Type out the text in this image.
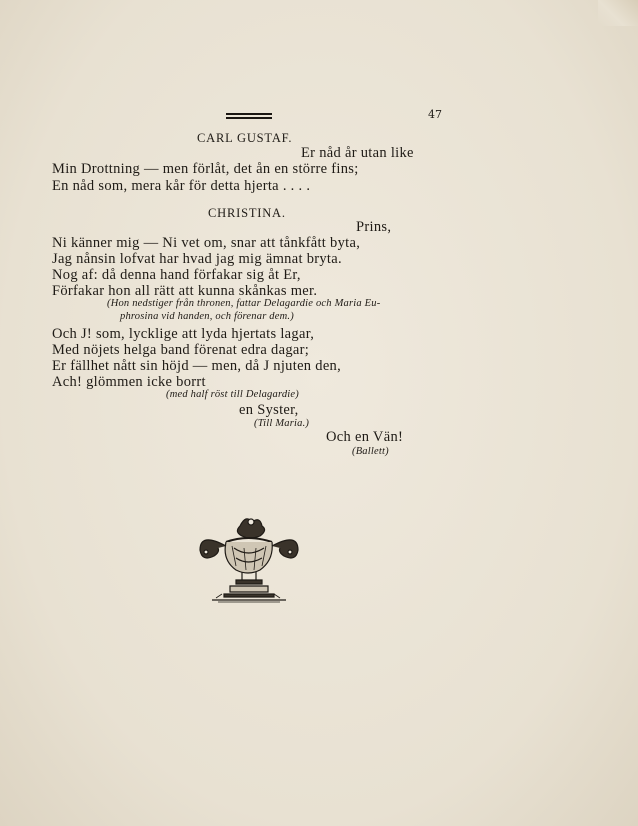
47
CARL GUSTAF.
Er nåd år utan like
Min Drottning — men förlåt, det ån en större fins;
En nåd som, mera kår för detta hjerta . . . .
CHRISTINA.
Prins,
Ni känner mig — Ni vet om, snar att tånkfått byta,
Jag nånsin lofvat har hvad jag mig ämnat bryta.
Nog af: då denna hand förfakar sig åt Er,
Förfakar hon all rätt att kunna skånkas mer.
(Hon nedstiger från thronen, fattar Delagardie och Maria Eu-
phrosina vid handen, och förenar dem.)
Och J! som, lycklige att lyda hjertats lagar,
Med nöjets helga band förenat edra dagar;
Er fällhet nått sin höjd — men, då J njuten den,
Ach! glömmen icke borrt
(med half röst till Delagardie)
en Syster,
(Till Maria.)
Och en Vän!
(Ballett)
